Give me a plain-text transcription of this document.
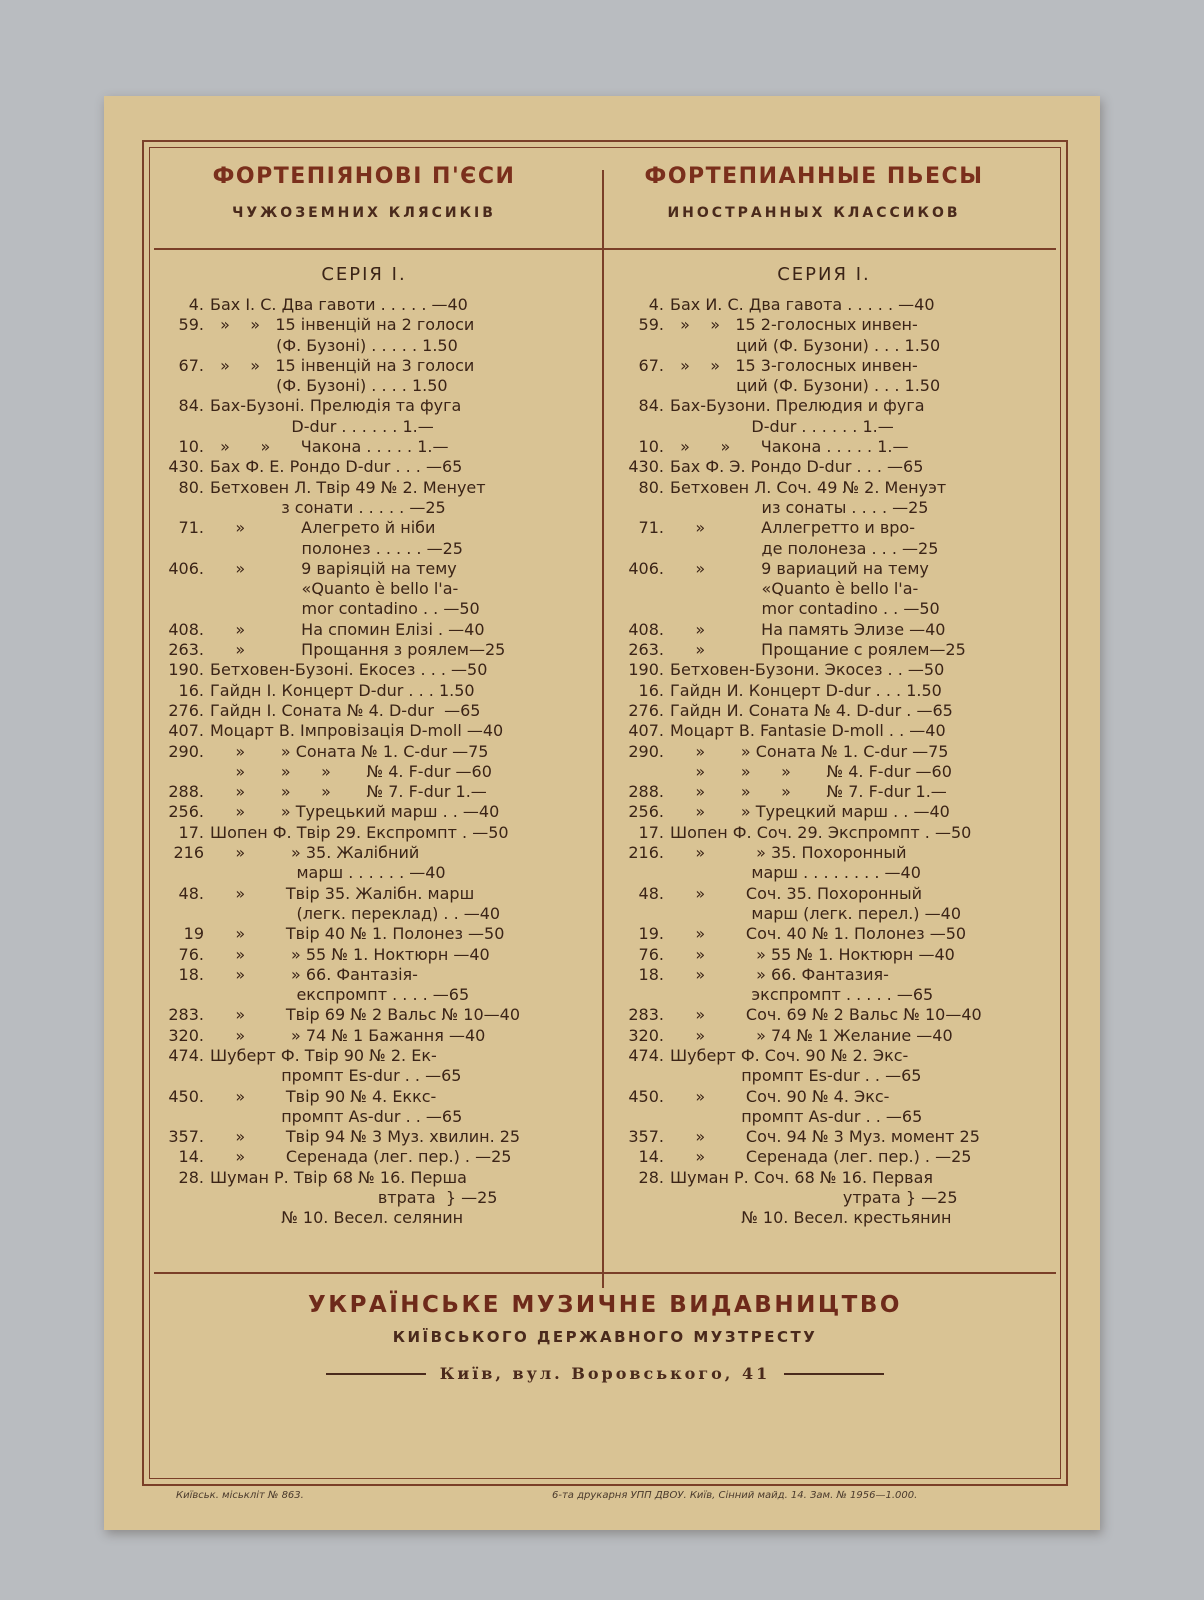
ФОРТЕПІЯНОВІ П'ЄСИ
ЧУЖОЗЕМНИХ КЛЯСИКІВ
ФОРТЕПИАННЫЕ ПЬЕСЫ
ИНОСТРАННЫХ КЛАССИКОВ
СЕРІЯ І.	СЕРИЯ І.
4. Бах І. С. Два гавоти . . . . . —40
59. »    »   15 інвенцій на 2 голоси
(Ф. Бузоні) . . . . . 1.50
67. »    »   15 інвенцій на 3 голоси
(Ф. Бузоні) . . . . 1.50
84. Бах-Бузоні. Прелюдія та фуга
D-dur . . . . . . 1.—
10. »      »      Чакона . . . . . 1.—
430. Бах Ф. Е. Рондо D-dur . . . —65
80. Бетховен Л. Твір 49 № 2. Менует
з сонати . . . . . —25
71. »           Алегрето й ніби
полонез . . . . . —25
406. »           9 варіяцій на тему
«Quanto è bello l'a-
mor contadino . . —50
408. »           На спомин Елізі . —40
263. »           Прощання з роялем—25
190. Бетховен-Бузоні. Екосез . . . —50
16. Гайдн І. Концерт D-dur . . . 1.50
276. Гайдн І. Соната № 4. D-dur  —65
407. Моцарт В. Імпровізація D-moll —40
290. »       » Соната № 1. C-dur —75
»       »      »       № 4. F-dur —60
288. »       »      »       № 7. F-dur 1.—
256. »       » Турецький марш . . —40
17. Шопен Ф. Твір 29. Експромпт . —50
216 »         » 35. Жалібний
марш . . . . . . —40
48. »        Твір 35. Жалібн. марш
(легк. переклад) . . —40
19 »        Твір 40 № 1. Полонез —50
76. »         » 55 № 1. Ноктюрн —40
18. »         » 66. Фантазія-
експромпт . . . . —65
283. »        Твір 69 № 2 Вальс № 10—40
320. »         » 74 № 1 Бажання —40
474. Шуберт Ф. Твір 90 № 2. Ек-
промпт Es-dur . . —65
450. »        Твір 90 № 4. Еккс-
промпт As-dur . . —65
357. »        Твір 94 № 3 Муз. хвилин. 25
14. »        Серенада (лег. пер.) . —25
28. Шуман Р. Твір 68 № 16. Перша
втрата  } —25
№ 10. Весел. селянин
4. Бах И. С. Два гавота . . . . . —40
59. »    »   15 2-голосных инвен-
ций (Ф. Бузони) . . . 1.50
67. »    »   15 3-голосных инвен-
ций (Ф. Бузони) . . . 1.50
84. Бах-Бузони. Прелюдия и фуга
D-dur . . . . . . 1.—
10. »      »      Чакона . . . . . 1.—
430. Бах Ф. Э. Рондо D-dur . . . —65
80. Бетховен Л. Соч. 49 № 2. Менуэт
из сонаты . . . . —25
71. »           Аллегретто и вро-
де полонеза . . . —25
406. »           9 вариаций на тему
«Quanto è bello l'a-
mor contadino . . —50
408. »           На память Элизе —40
263. »           Прощание с роялем—25
190. Бетховен-Бузони. Экосез . . —50
16. Гайдн И. Концерт D-dur . . . 1.50
276. Гайдн И. Соната № 4. D-dur . —65
407. Моцарт В. Fantasie D-moll . . —40
290. »       » Соната № 1. C-dur —75
»       »      »       № 4. F-dur —60
288. »       »      »       № 7. F-dur 1.—
256. »       » Турецкий марш . . —40
17. Шопен Ф. Соч. 29. Экспромпт . —50
216. »          » 35. Похоронный
марш . . . . . . . . —40
48. »        Соч. 35. Похоронный
марш (легк. перел.) —40
19. »        Соч. 40 № 1. Полонез —50
76. »          » 55 № 1. Ноктюрн —40
18. »          » 66. Фантазия-
экспромпт . . . . . —65
283. »        Соч. 69 № 2 Вальс № 10—40
320. »          » 74 № 1 Желание —40
474. Шуберт Ф. Соч. 90 № 2. Экс-
промпт Es-dur . . —65
450. »        Соч. 90 № 4. Экс-
промпт As-dur . . —65
357. »        Соч. 94 № 3 Муз. момент 25
14. »        Серенада (лег. пер.) . —25
28. Шуман Р. Соч. 68 № 16. Первая
утрата } —25
№ 10. Весел. крестьянин
УКРАЇНСЬКЕ МУЗИЧНЕ ВИДАВНИЦТВО
КИЇВСЬКОГО ДЕРЖАВНОГО МУЗТРЕСТУ
Київ, вул. Воровського, 41
Київськ. міськліт № 863.	6-та друкарня УПП ДВОУ. Київ, Сінний майд. 14. Зам. № 1956—1.000.
